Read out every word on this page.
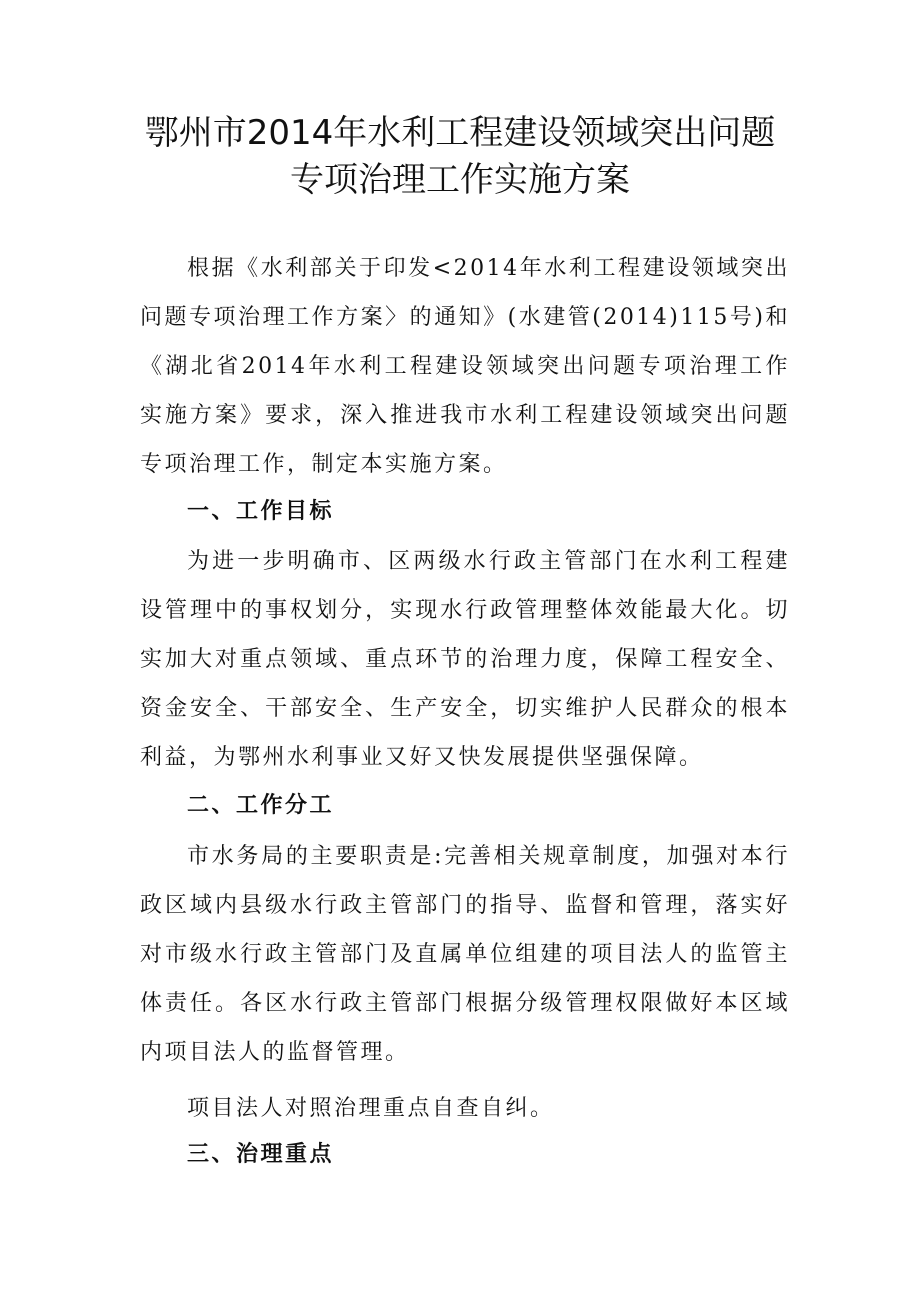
鄂州市2014年水利工程建设领域突出问题
专项治理工作实施方案

根据《水利部关于印发<2014年水利工程建设领域突出问题专项治理工作方案〉的通知》(水建管(2014)115号)和《湖北省2014年水利工程建设领域突出问题专项治理工作实施方案》要求，深入推进我市水利工程建设领域突出问题专项治理工作，制定本实施方案。

一、工作目标

为进一步明确市、区两级水行政主管部门在水利工程建设管理中的事权划分，实现水行政管理整体效能最大化。切实加大对重点领域、重点环节的治理力度，保障工程安全、资金安全、干部安全、生产安全，切实维护人民群众的根本利益，为鄂州水利事业又好又快发展提供坚强保障。

二、工作分工

市水务局的主要职责是:完善相关规章制度，加强对本行政区域内县级水行政主管部门的指导、监督和管理，落实好对市级水行政主管部门及直属单位组建的项目法人的监管主体责任。各区水行政主管部门根据分级管理权限做好本区域内项目法人的监督管理。

项目法人对照治理重点自查自纠。

三、治理重点
